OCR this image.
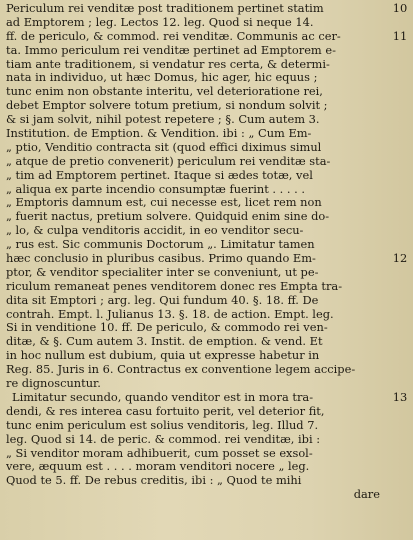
Periculum rei venditæ post traditionem pertinet statim
ad Emptorem ; leg. Lectos 12. leg. Quod si neque 14.
ff. de periculo, & commod. rei venditæ. Communis ac cer-
ta. Immo periculum rei venditæ pertinet ad Emptorem e-
tiam ante traditionem, si vendatur res certa, & determi-
nata in individuo, ut hæc Domus, hic ager, hic equus ;
tunc enim non obstante interitu, vel deterioratione rei,
debet Emptor solvere totum pretium, si nondum solvit ;
& si jam solvit, nihil potest repetere ; §. Cum autem 3.
Institution. de Emption. & Vendition. ibi : „ Cum Em-
„ ptio, Venditio contracta sit (quod effici diximus simul
„ atque de pretio convenerit) periculum rei venditæ sta-
„ tim ad Emptorem pertinet. Itaque si ædes totæ, vel
„ aliqua ex parte incendio consumptæ fuerint . . . . .
„ Emptoris damnum est, cui necesse est, licet rem non
„ fuerit nactus, pretium solvere. Quidquid enim sine do-
„ lo, & culpa venditoris accidit, in eo venditor secu-
„ rus est. Sic communis Doctorum „. Limitatur tamen
hæc conclusio in pluribus casibus. Primo quando Em-
ptor, & venditor specialiter inter se conveniunt, ut pe-
riculum remaneat penes venditorem donec res Empta tra-
dita sit Emptori ; arg. leg. Qui fundum 40. §. 18. ff. De
contrah. Empt. l. Julianus 13. §. 18. de action. Empt. leg.
Si in venditione 10. ff. De periculo, & commodo rei ven-
ditæ, & §. Cum autem 3. Instit. de emption. & vend. Et
in hoc nullum est dubium, quia ut expresse habetur in
Reg. 85. Juris in 6. Contractus ex conventione legem accipe-
re dignoscuntur.
Limitatur secundo, quando venditor est in mora tra-
dendi, & res interea casu fortuito perit, vel deterior fit,
tunc enim periculum est solius venditoris, leg. Illud 7.
leg. Quod si 14. de peric. & commod. rei venditæ, ibi :
„ Si venditor moram adhibuerit, cum posset se exsol-
vere, æquum est . . . . moram venditori nocere „ leg.
Quod te 5. ff. De rebus creditis, ibi : „ Quod te mihi
dare
10
11
12
13
